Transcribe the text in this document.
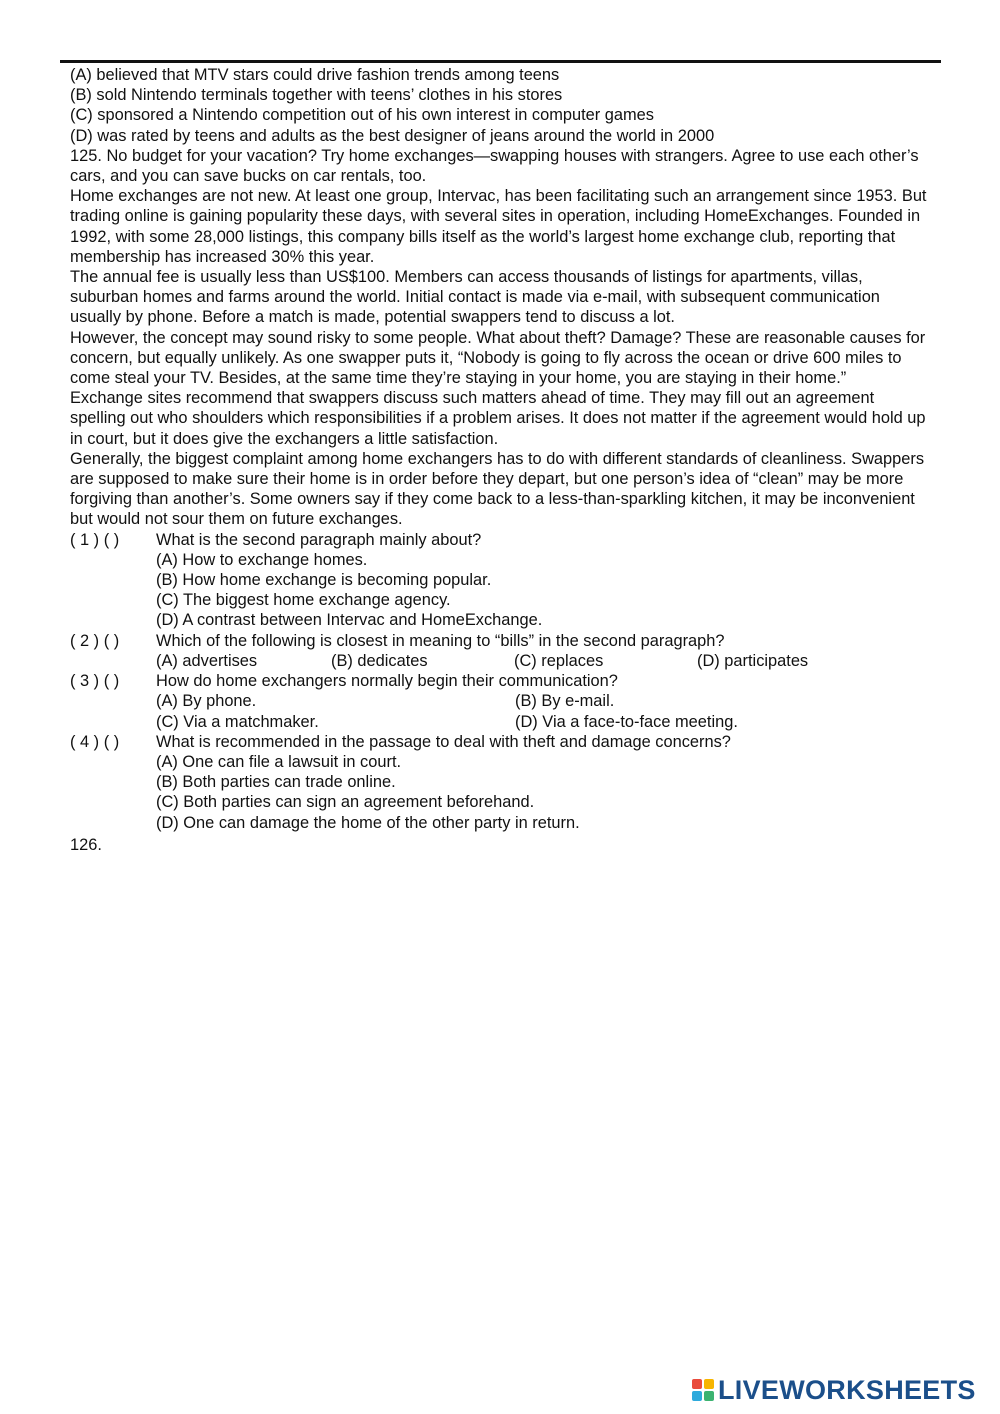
(A) believed that MTV stars could drive fashion trends among teens

(B) sold Nintendo terminals together with teens’ clothes in his stores

(C) sponsored a Nintendo competition out of his own interest in computer games

(D) was rated by teens and adults as the best designer of jeans around the world in 2000

125. No budget for your vacation? Try home exchanges—swapping houses with strangers. Agree to use each other’s cars, and you can save bucks on car rentals, too.

Home exchanges are not new. At least one group, Intervac, has been facilitating such an arrangement since 1953. But trading online is gaining popularity these days, with several sites in operation, including HomeExchanges. Founded in 1992, with some 28,000 listings, this company bills itself as the world’s largest home exchange club, reporting that membership has increased 30% this year.

The annual fee is usually less than US$100. Members can access thousands of listings for apartments, villas, suburban homes and farms around the world. Initial contact is made via e-mail, with subsequent communication usually by phone. Before a match is made, potential swappers tend to discuss a lot.

However, the concept may sound risky to some people. What about theft? Damage? These are reasonable causes for concern, but equally unlikely. As one swapper puts it, “Nobody is going to fly across the ocean or drive 600 miles to come steal your TV. Besides, at the same time they’re staying in your home, you are staying in their home.”

Exchange sites recommend that swappers discuss such matters ahead of time. They may fill out an agreement spelling out who shoulders which responsibilities if a problem arises. It does not matter if the agreement would hold up in court, but it does give the exchangers a little satisfaction.

Generally, the biggest complaint among home exchangers has to do with different standards of cleanliness. Swappers are supposed to make sure their home is in order before they depart, but one person’s idea of “clean” may be more forgiving than another’s. Some owners say if they come back to a less-than-sparkling kitchen, it may be inconvenient but would not sour them on future exchanges.

( 1 ) ( )	What is the second paragraph mainly about?
(A) How to exchange homes.
(B) How home exchange is becoming popular.
(C) The biggest home exchange agency.
(D) A contrast between Intervac and HomeExchange.
( 2 ) ( )	Which of the following is closest in meaning to “bills” in the second paragraph?
(A) advertises	(B) dedicates	(C) replaces	(D) participates
( 3 ) ( )	How do home exchangers normally begin their communication?
(A) By phone.	(B) By e-mail.
(C) Via a matchmaker.	(D) Via a face-to-face meeting.
( 4 ) ( )	What is recommended in the passage to deal with theft and damage concerns?
(A) One can file a lawsuit in court.
(B) Both parties can trade online.
(C) Both parties can sign an agreement beforehand.
(D) One can damage the home of the other party in return.

126.

LIVEWORKSHEETS
